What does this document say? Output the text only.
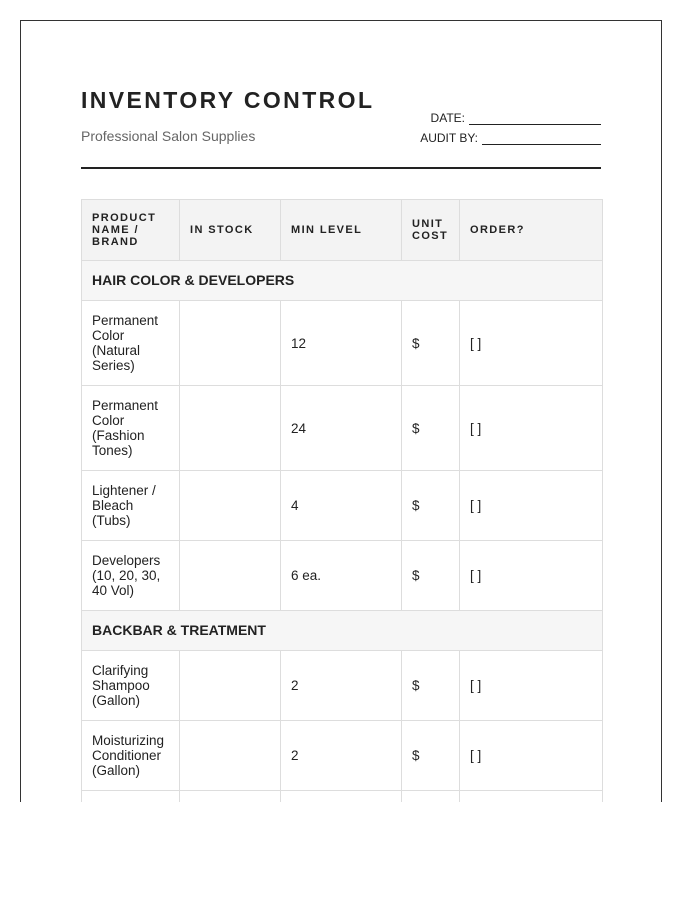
INVENTORY CONTROL

Professional Salon Supplies

DATE:
AUDIT BY:
PRODUCT NAME / BRAND	IN STOCK	MIN LEVEL	UNIT COST	ORDER?
HAIR COLOR & DEVELOPERS				
Permanent Color (Natural Series)		12	$	[ ]
Permanent Color (Fashion Tones)		24	$	[ ]
Lightener / Bleach (Tubs)		4	$	[ ]
Developers (10, 20, 30, 40 Vol)		6 ea.	$	[ ]
BACKBAR & TREATMENT				
Clarifying Shampoo (Gallon)		2	$	[ ]
Moisturizing Conditioner (Gallon)		2	$	[ ]
